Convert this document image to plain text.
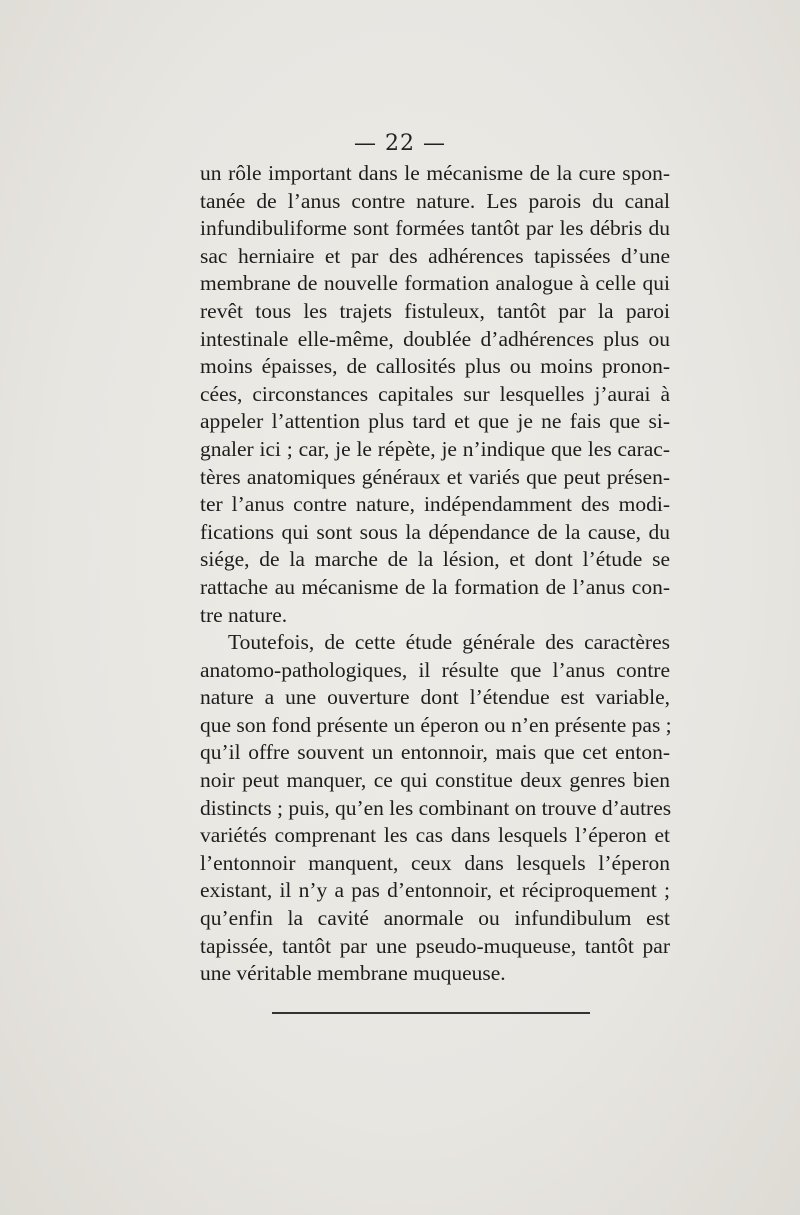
— 22 —
un rôle important dans le mécanisme de la cure spon-
tanée de l’anus contre nature. Les parois du canal
infundibuliforme sont formées tantôt par les débris du
sac herniaire et par des adhérences tapissées d’une
membrane de nouvelle formation analogue à celle qui
revêt tous les trajets fistuleux, tantôt par la paroi
intestinale elle-même, doublée d’adhérences plus ou
moins épaisses, de callosités plus ou moins pronon-
cées, circonstances capitales sur lesquelles j’aurai à
appeler l’attention plus tard et que je ne fais que si-
gnaler ici ; car, je le répète, je n’indique que les carac-
tères anatomiques généraux et variés que peut présen-
ter l’anus contre nature, indépendamment des modi-
fications qui sont sous la dépendance de la cause, du
siége, de la marche de la lésion, et dont l’étude se
rattache au mécanisme de la formation de l’anus con-
tre nature.
Toutefois, de cette étude générale des caractères
anatomo-pathologiques, il résulte que l’anus contre
nature a une ouverture dont l’étendue est variable,
que son fond présente un éperon ou n’en présente pas ;
qu’il offre souvent un entonnoir, mais que cet enton-
noir peut manquer, ce qui constitue deux genres bien
distincts ; puis, qu’en les combinant on trouve d’autres
variétés comprenant les cas dans lesquels l’éperon et
l’entonnoir manquent, ceux dans lesquels l’éperon
existant, il n’y a pas d’entonnoir, et réciproquement ;
qu’enfin la cavité anormale ou infundibulum est
tapissée, tantôt par une pseudo-muqueuse, tantôt par
une véritable membrane muqueuse.
